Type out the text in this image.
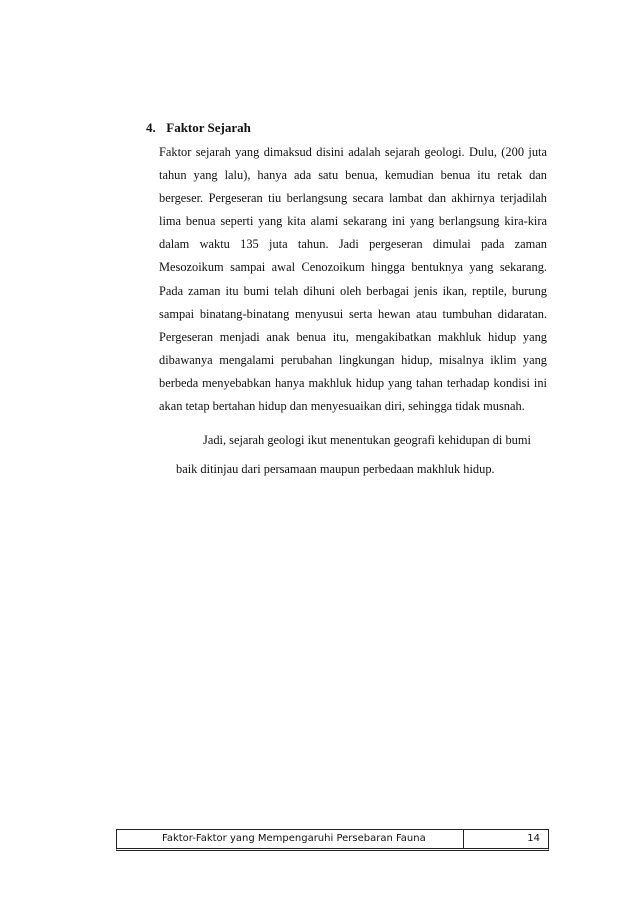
4. Faktor Sejarah

Faktor sejarah yang dimaksud disini adalah sejarah geologi. Dulu, (200 juta tahun yang lalu), hanya ada satu benua, kemudian benua itu retak dan bergeser. Pergeseran tiu berlangsung secara lambat dan akhirnya terjadilah lima benua seperti yang kita alami sekarang ini yang berlangsung kira-kira dalam waktu 135 juta tahun. Jadi pergeseran dimulai pada zaman Mesozoikum sampai awal Cenozoikum hingga bentuknya yang sekarang. Pada zaman itu bumi telah dihuni oleh berbagai jenis ikan, reptile, burung sampai binatang-binatang menyusui serta hewan atau tumbuhan didaratan. Pergeseran menjadi anak benua itu, mengakibatkan makhluk hidup yang dibawanya mengalami perubahan lingkungan hidup, misalnya iklim yang berbeda menyebabkan hanya makhluk hidup yang tahan terhadap kondisi ini akan tetap bertahan hidup dan menyesuaikan diri, sehingga tidak musnah.

Jadi, sejarah geologi ikut menentukan geografi kehidupan di bumi
baik ditinjau dari persamaan maupun perbedaan makhluk hidup.
Faktor-Faktor yang Mempengaruhi Persebaran Fauna	14
